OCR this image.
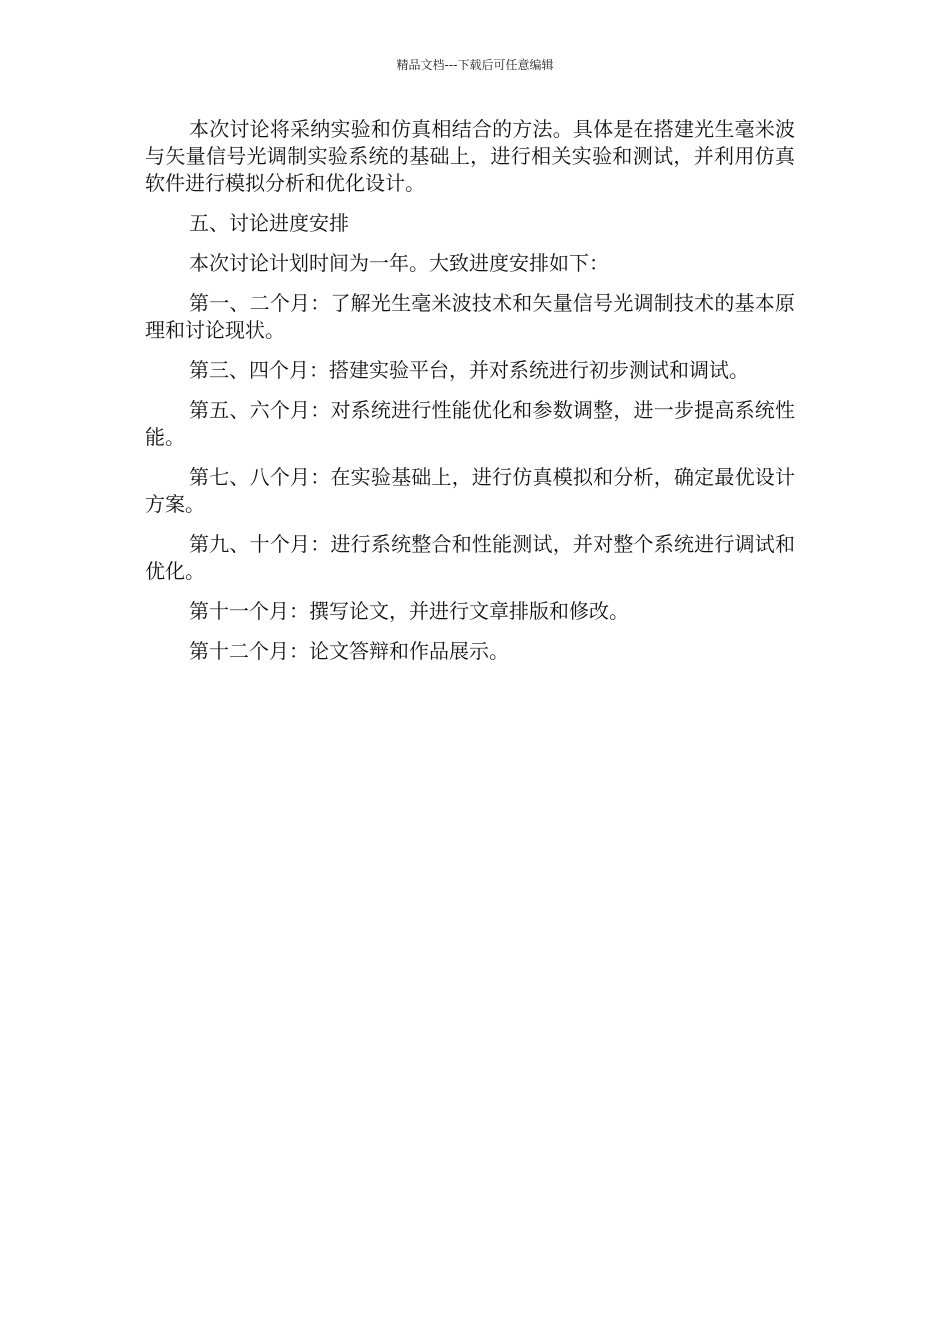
精品文档---下载后可任意编辑

本次讨论将采纳实验和仿真相结合的方法。具体是在搭建光生毫米波与矢量信号光调制实验系统的基础上，进行相关实验和测试，并利用仿真软件进行模拟分析和优化设计。

五、讨论进度安排

本次讨论计划时间为一年。大致进度安排如下：

第一、二个月：了解光生毫米波技术和矢量信号光调制技术的基本原理和讨论现状。

第三、四个月：搭建实验平台，并对系统进行初步测试和调试。

第五、六个月：对系统进行性能优化和参数调整，进一步提高系统性能。

第七、八个月：在实验基础上，进行仿真模拟和分析，确定最优设计方案。

第九、十个月：进行系统整合和性能测试，并对整个系统进行调试和优化。

第十一个月：撰写论文，并进行文章排版和修改。

第十二个月：论文答辩和作品展示。
